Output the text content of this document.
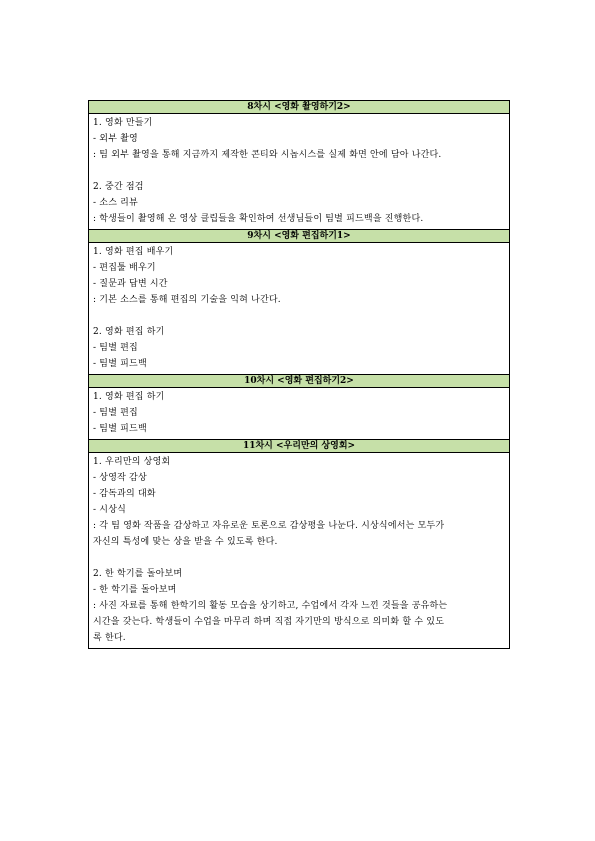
8차시 <영화 촬영하기2>

1. 영화 만들기
- 외부 촬영
: 팀 외부 촬영을 통해 지금까지 제작한 콘티와 시놉시스를 실제 화면 안에 담아 나간다.
2. 중간 점검
- 소스 리뷰
: 학생들이 촬영해 온 영상 클립들을 확인하여 선생님들이 팀별 피드백을 진행한다.

9차시 <영화 편집하기1>

1. 영화 편집 배우기
- 편집툴 배우기
- 질문과 답변 시간
: 기본 소스를 통해 편집의 기술을 익혀 나간다.
2. 영화 편집 하기
- 팀별 편집
- 팀별 피드백

10차시 <영화 편집하기2>

1. 영화 편집 하기
- 팀별 편집
- 팀별 피드백

11차시 <우리만의 상영회>

1. 우리만의 상영회
- 상영작 감상
- 감독과의 대화
- 시상식
: 각 팀 영화 작품을 감상하고 자유로운 토론으로 감상평을 나눈다. 시상식에서는 모두가
자신의 특성에 맞는 상을 받을 수 있도록 한다.
2. 한 학기를 돌아보며
- 한 학기를 돌아보며
: 사진 자료를 통해 한학기의 활동 모습을 상기하고, 수업에서 각자 느낀 것들을 공유하는
시간을 갖는다. 학생들이 수업을 마무리 하며 직접 자기만의 방식으로 의미화 할 수 있도
록 한다.
